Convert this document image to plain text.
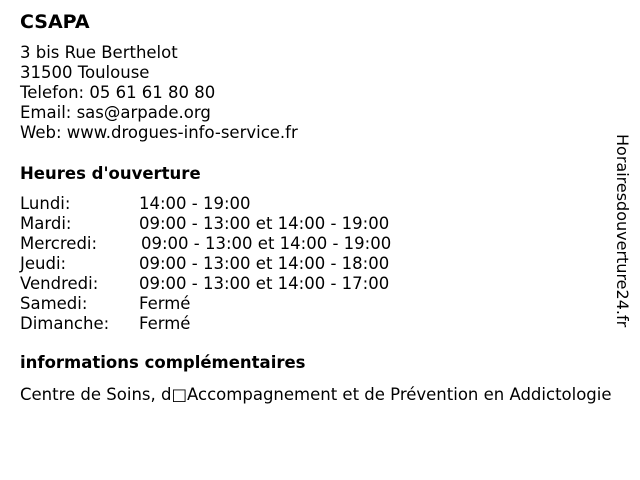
CSAPA
3 bis Rue Berthelot
31500 Toulouse
Telefon: 05 61 61 80 80
Email: sas@arpade.org
Web: www.drogues-info-service.fr
Heures d'ouverture
Lundi:	14:00 - 19:00
Mardi:	09:00 - 13:00 et 14:00 - 19:00
Mercredi:	09:00 - 13:00 et 14:00 - 19:00
Jeudi:	09:00 - 13:00 et 14:00 - 18:00
Vendredi: 09:00 - 13:00 et 14:00 - 17:00
Samedi:	Fermé
Dimanche: Fermé
informations complémentaires
Centre de Soins, d□Accompagnement et de Prévention en Addictologie
Horairesdouverture24.fr
